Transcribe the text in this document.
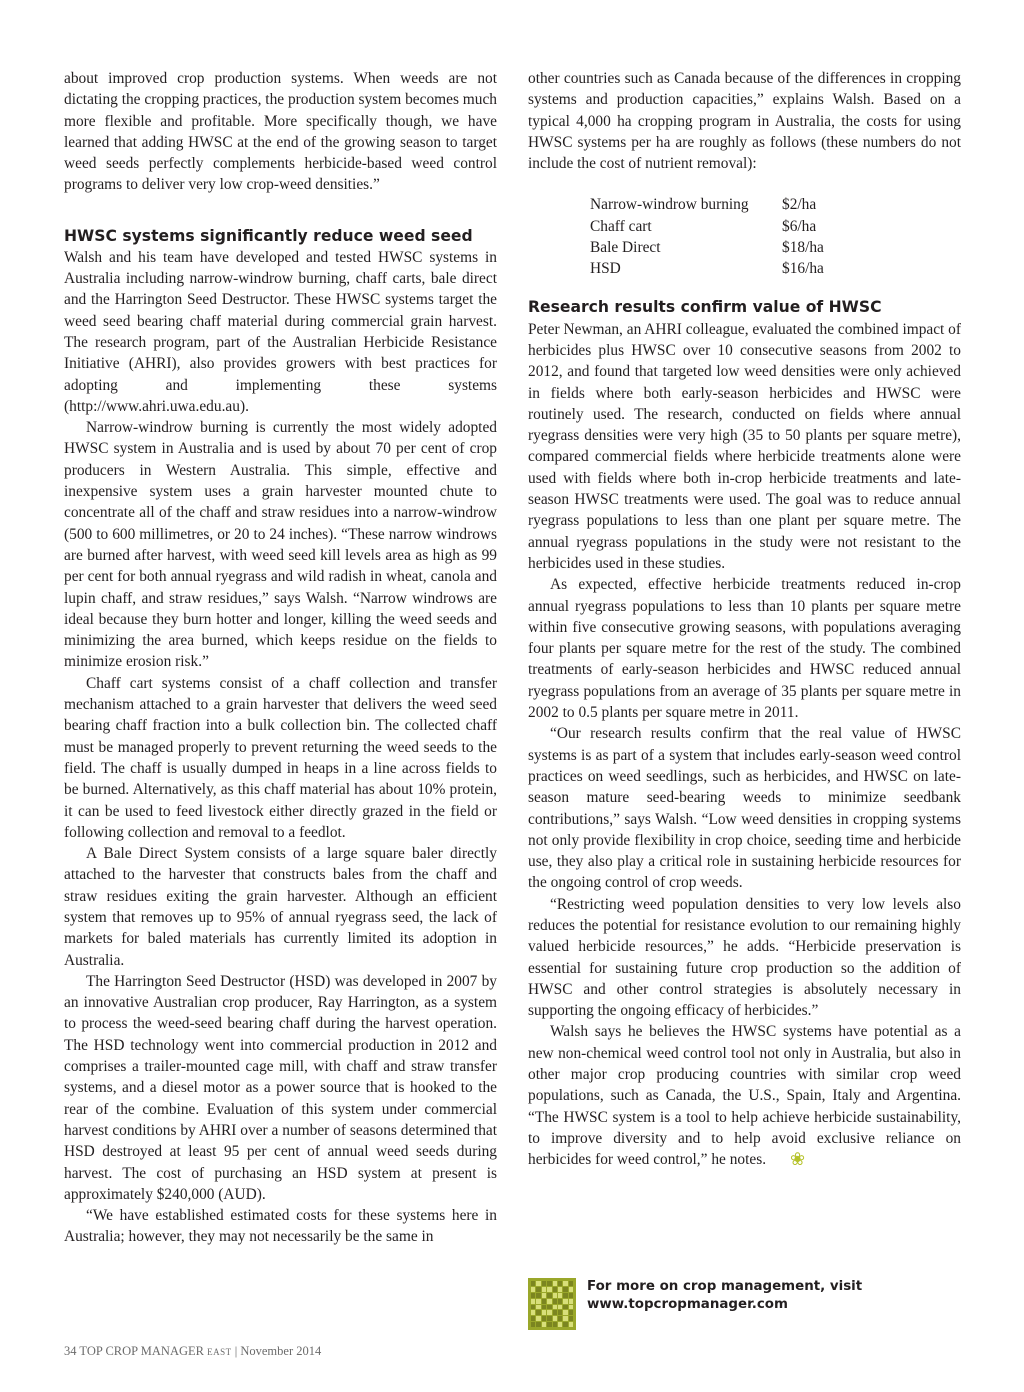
about improved crop production systems. When weeds are not dictating the cropping practices, the production system becomes much more flexible and profitable. More specifically though, we have learned that adding HWSC at the end of the growing season to target weed seeds perfectly complements herbicide-based weed control programs to deliver very low crop-weed densities.”

HWSC systems significantly reduce weed seed

Walsh and his team have developed and tested HWSC systems in Australia including narrow-windrow burning, chaff carts, bale direct and the Harrington Seed Destructor. These HWSC systems target the weed seed bearing chaff material during commercial grain harvest. The research program, part of the Australian Herbicide Resistance Initiative (AHRI), also provides growers with best practices for adopting and implementing these systems (http://www.ahri.uwa.edu.au).

Narrow-windrow burning is currently the most widely adopted HWSC system in Australia and is used by about 70 per cent of crop producers in Western Australia. This simple, effective and inexpensive system uses a grain harvester mounted chute to concentrate all of the chaff and straw residues into a narrow-windrow (500 to 600 millimetres, or 20 to 24 inches). “These narrow windrows are burned after harvest, with weed seed kill levels area as high as 99 per cent for both annual ryegrass and wild radish in wheat, canola and lupin chaff, and straw residues,” says Walsh. “Narrow windrows are ideal because they burn hotter and longer, killing the weed seeds and minimizing the area burned, which keeps residue on the fields to minimize erosion risk.”

Chaff cart systems consist of a chaff collection and transfer mechanism attached to a grain harvester that delivers the weed seed bearing chaff fraction into a bulk collection bin. The collected chaff must be managed properly to prevent returning the weed seeds to the field. The chaff is usually dumped in heaps in a line across fields to be burned. Alternatively, as this chaff material has about 10% protein, it can be used to feed livestock either directly grazed in the field or following collection and removal to a feedlot.

A Bale Direct System consists of a large square baler directly attached to the harvester that constructs bales from the chaff and straw residues exiting the grain harvester. Although an efficient system that removes up to 95% of annual ryegrass seed, the lack of markets for baled materials has currently limited its adoption in Australia.

The Harrington Seed Destructor (HSD) was developed in 2007 by an innovative Australian crop producer, Ray Harrington, as a system to process the weed-seed bearing chaff during the harvest operation. The HSD technology went into commercial production in 2012 and comprises a trailer-mounted cage mill, with chaff and straw transfer systems, and a diesel motor as a power source that is hooked to the rear of the combine. Evaluation of this system under commercial harvest conditions by AHRI over a number of seasons determined that HSD destroyed at least 95 per cent of annual weed seeds during harvest. The cost of purchasing an HSD system at present is approximately $240,000 (AUD).

“We have established estimated costs for these systems here in Australia; however, they may not necessarily be the same in

other countries such as Canada because of the differences in cropping systems and production capacities,” explains Walsh. Based on a typical 4,000 ha cropping program in Australia, the costs for using HWSC systems per ha are roughly as follows (these numbers do not include the cost of nutrient removal):

Narrow-windrow burning	$2/ha
Chaff cart	$6/ha
Bale Direct	$18/ha
HSD	$16/ha
Research results confirm value of HWSC

Peter Newman, an AHRI colleague, evaluated the combined impact of herbicides plus HWSC over 10 consecutive seasons from 2002 to 2012, and found that targeted low weed densities were only achieved in fields where both early-season herbicides and HWSC were routinely used. The research, conducted on fields where annual ryegrass densities were very high (35 to 50 plants per square metre), compared commercial fields where herbicide treatments alone were used with fields where both in-crop herbicide treatments and late-season HWSC treatments were used. The goal was to reduce annual ryegrass populations to less than one plant per square metre. The annual ryegrass populations in the study were not resistant to the herbicides used in these studies.

As expected, effective herbicide treatments reduced in-crop annual ryegrass populations to less than 10 plants per square metre within five consecutive growing seasons, with populations averaging four plants per square metre for the rest of the study. The combined treatments of early-season herbicides and HWSC reduced annual ryegrass populations from an average of 35 plants per square metre in 2002 to 0.5 plants per square metre in 2011.

“Our research results confirm that the real value of HWSC systems is as part of a system that includes early-season weed control practices on weed seedlings, such as herbicides, and HWSC on late-season mature seed-bearing weeds to minimize seedbank contributions,” says Walsh. “Low weed densities in cropping systems not only provide flexibility in crop choice, seeding time and herbicide use, they also play a critical role in sustaining herbicide resources for the ongoing control of crop weeds.

“Restricting weed population densities to very low levels also reduces the potential for resistance evolution to our remaining highly valued herbicide resources,” he adds. “Herbicide preservation is essential for sustaining future crop production so the addition of HWSC and other control strategies is absolutely necessary in supporting the ongoing efficacy of herbicides.”

Walsh says he believes the HWSC systems have potential as a new non-chemical weed control tool not only in Australia, but also in other major crop producing countries with similar crop weed populations, such as Canada, the U.S., Spain, Italy and Argentina. “The HWSC system is a tool to help achieve herbicide sustainability, to improve diversity and to help avoid exclusive reliance on herbicides for weed control,” he notes. ❀

For more on crop management, visit
www.topcropmanager.com
34 TOP CROP MANAGER EAST | November 2014
